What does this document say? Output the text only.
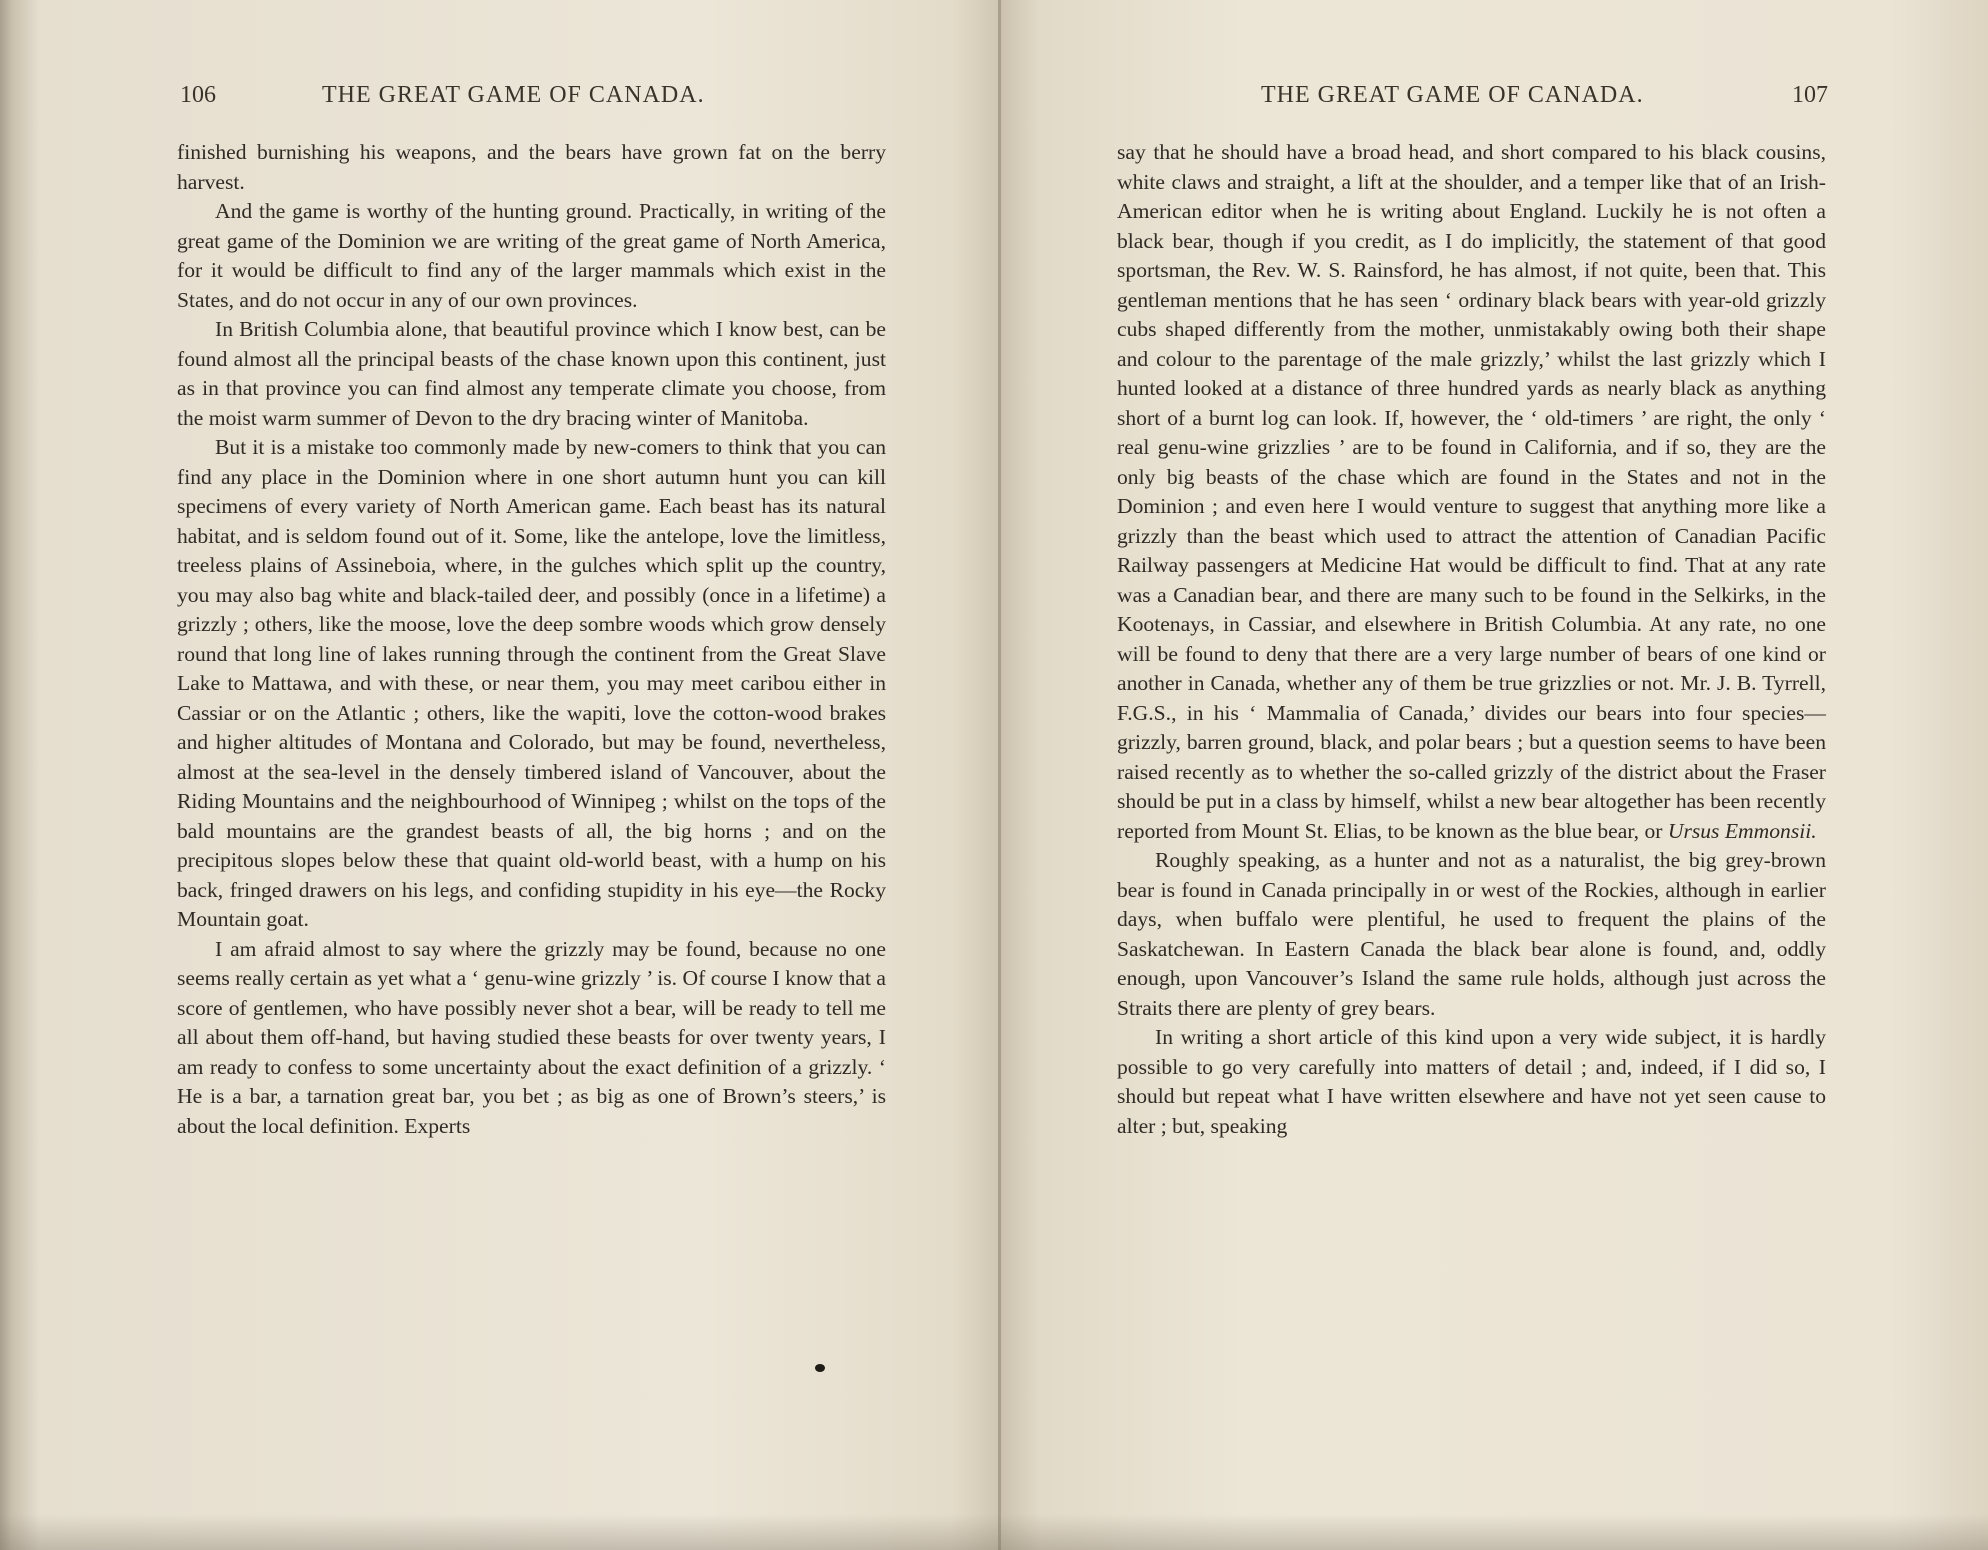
106	THE GREAT GAME OF CANADA.

finished burnishing his weapons, and the bears have grown fat on the berry harvest.

And the game is worthy of the hunting ground. Practically, in writing of the great game of the Dominion we are writing of the great game of North America, for it would be difficult to find any of the larger mammals which exist in the States, and do not occur in any of our own provinces.

In British Columbia alone, that beautiful province which I know best, can be found almost all the principal beasts of the chase known upon this continent, just as in that province you can find almost any temperate climate you choose, from the moist warm summer of Devon to the dry bracing winter of Manitoba.

But it is a mistake too commonly made by new-comers to think that you can find any place in the Dominion where in one short autumn hunt you can kill specimens of every variety of North American game. Each beast has its natural habitat, and is seldom found out of it. Some, like the antelope, love the limitless, treeless plains of Assineboia, where, in the gulches which split up the country, you may also bag white and black-tailed deer, and possibly (once in a lifetime) a grizzly ; others, like the moose, love the deep sombre woods which grow densely round that long line of lakes running through the continent from the Great Slave Lake to Mattawa, and with these, or near them, you may meet caribou either in Cassiar or on the Atlantic ; others, like the wapiti, love the cotton-wood brakes and higher altitudes of Montana and Colorado, but may be found, nevertheless, almost at the sea-level in the densely timbered island of Vancouver, about the Riding Mountains and the neighbourhood of Winnipeg ; whilst on the tops of the bald mountains are the grandest beasts of all, the big horns ; and on the precipitous slopes below these that quaint old-world beast, with a hump on his back, fringed drawers on his legs, and confiding stupidity in his eye—the Rocky Mountain goat.

I am afraid almost to say where the grizzly may be found, because no one seems really certain as yet what a ‘ genu-wine grizzly ’ is. Of course I know that a score of gentlemen, who have possibly never shot a bear, will be ready to tell me all about them off-hand, but having studied these beasts for over twenty years, I am ready to confess to some uncertainty about the exact definition of a grizzly. ‘ He is a bar, a tarnation great bar, you bet ; as big as one of Brown’s steers,’ is about the local definition. Experts

THE GREAT GAME OF CANADA.	107

say that he should have a broad head, and short compared to his black cousins, white claws and straight, a lift at the shoulder, and a temper like that of an Irish-American editor when he is writing about England. Luckily he is not often a black bear, though if you credit, as I do implicitly, the statement of that good sportsman, the Rev. W. S. Rainsford, he has almost, if not quite, been that. This gentleman mentions that he has seen ‘ ordinary black bears with year-old grizzly cubs shaped differently from the mother, unmistakably owing both their shape and colour to the parentage of the male grizzly,’ whilst the last grizzly which I hunted looked at a distance of three hundred yards as nearly black as anything short of a burnt log can look. If, however, the ‘ old-timers ’ are right, the only ‘ real genu-wine grizzlies ’ are to be found in California, and if so, they are the only big beasts of the chase which are found in the States and not in the Dominion ; and even here I would venture to suggest that anything more like a grizzly than the beast which used to attract the attention of Canadian Pacific Railway passengers at Medicine Hat would be difficult to find. That at any rate was a Canadian bear, and there are many such to be found in the Selkirks, in the Kootenays, in Cassiar, and elsewhere in British Columbia. At any rate, no one will be found to deny that there are a very large number of bears of one kind or another in Canada, whether any of them be true grizzlies or not. Mr. J. B. Tyrrell, F.G.S., in his ‘ Mammalia of Canada,’ divides our bears into four species—grizzly, barren ground, black, and polar bears ; but a question seems to have been raised recently as to whether the so-called grizzly of the district about the Fraser should be put in a class by himself, whilst a new bear altogether has been recently reported from Mount St. Elias, to be known as the blue bear, or Ursus Emmonsii.

Roughly speaking, as a hunter and not as a naturalist, the big grey-brown bear is found in Canada principally in or west of the Rockies, although in earlier days, when buffalo were plentiful, he used to frequent the plains of the Saskatchewan. In Eastern Canada the black bear alone is found, and, oddly enough, upon Vancouver’s Island the same rule holds, although just across the Straits there are plenty of grey bears.

In writing a short article of this kind upon a very wide subject, it is hardly possible to go very carefully into matters of detail ; and, indeed, if I did so, I should but repeat what I have written elsewhere and have not yet seen cause to alter ; but, speaking
